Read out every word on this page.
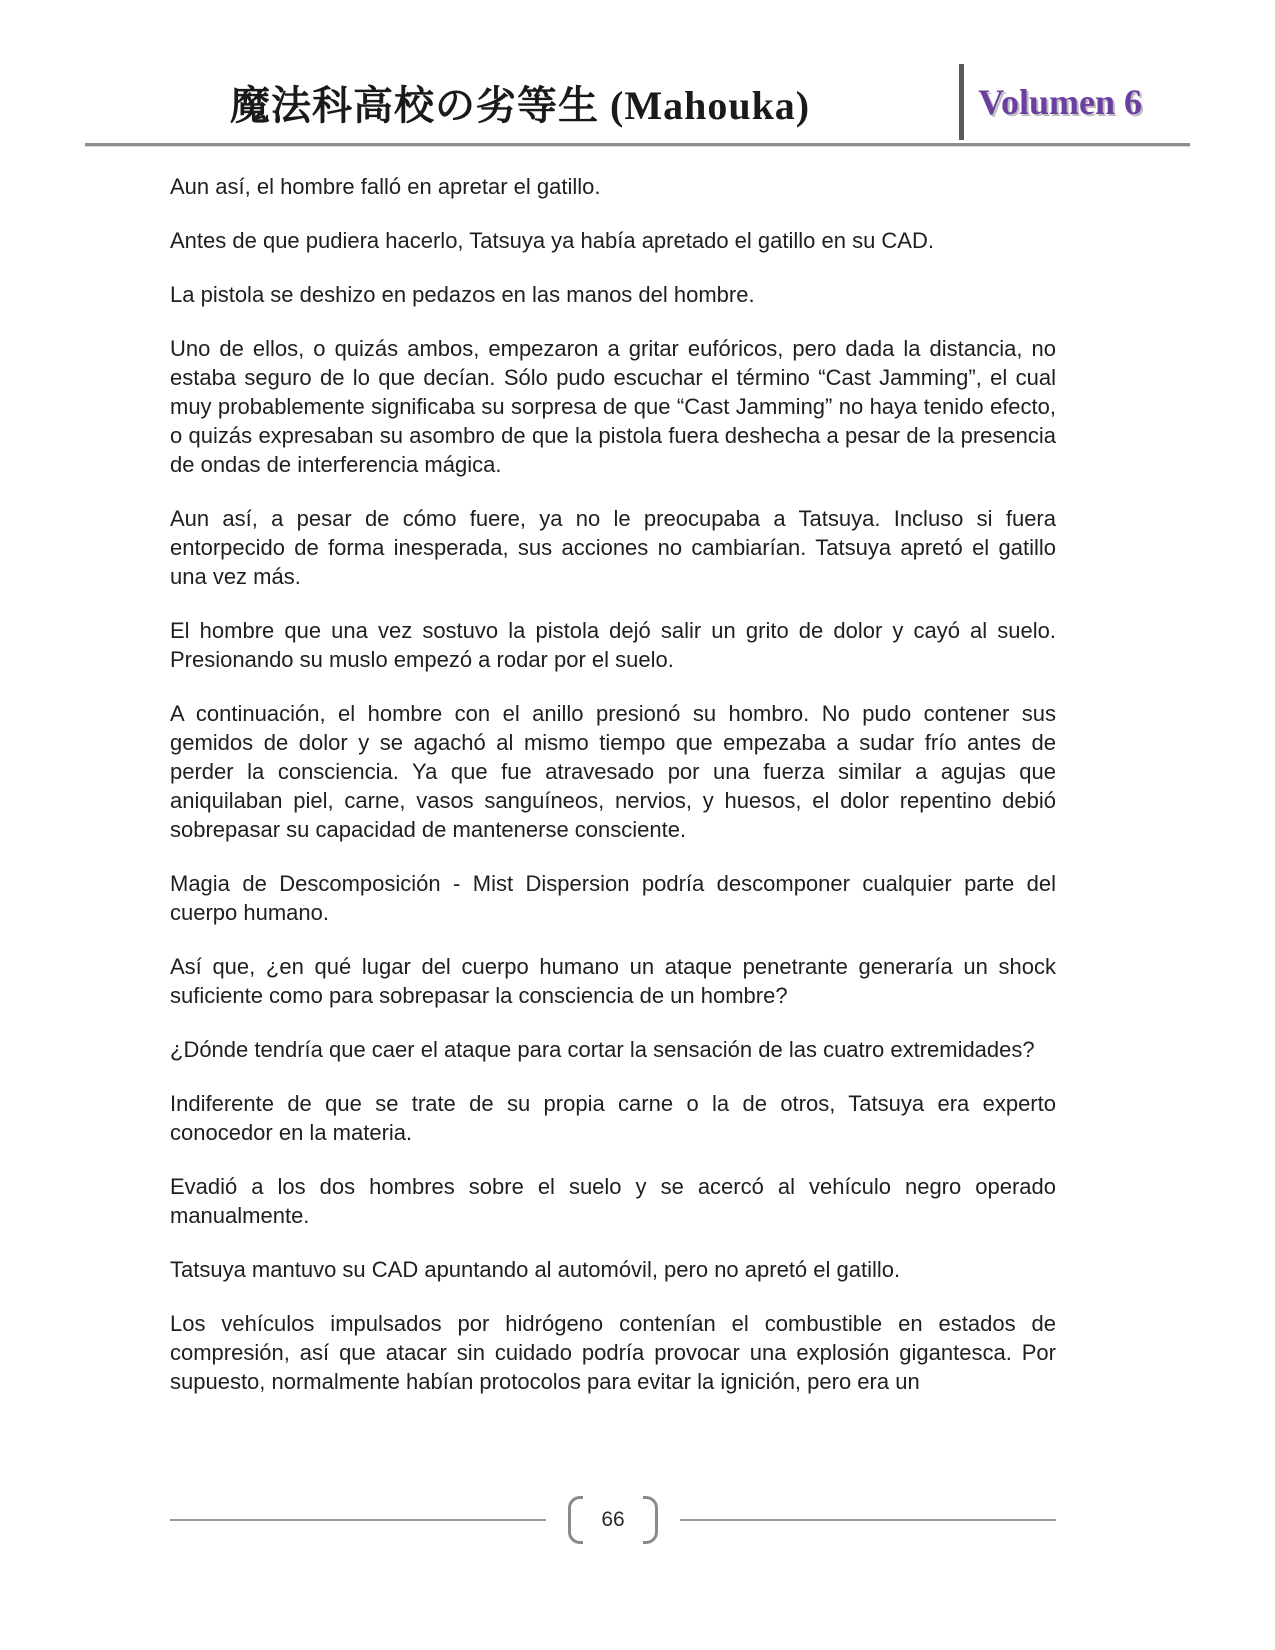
魔法科高校の劣等生 (Mahouka)	Volumen 6

Aun así, el hombre falló en apretar el gatillo.

Antes de que pudiera hacerlo, Tatsuya ya había apretado el gatillo en su CAD.

La pistola se deshizo en pedazos en las manos del hombre.

Uno de ellos, o quizás ambos, empezaron a gritar eufóricos, pero dada la distancia, no estaba seguro de lo que decían. Sólo pudo escuchar el término “Cast Jamming”, el cual muy probablemente significaba su sorpresa de que “Cast Jamming” no haya tenido efecto, o quizás expresaban su asombro de que la pistola fuera deshecha a pesar de la presencia de ondas de interferencia mágica.

Aun así, a pesar de cómo fuere, ya no le preocupaba a Tatsuya. Incluso si fuera entorpecido de forma inesperada, sus acciones no cambiarían. Tatsuya apretó el gatillo una vez más.

El hombre que una vez sostuvo la pistola dejó salir un grito de dolor y cayó al suelo. Presionando su muslo empezó a rodar por el suelo.

A continuación, el hombre con el anillo presionó su hombro. No pudo contener sus gemidos de dolor y se agachó al mismo tiempo que empezaba a sudar frío antes de perder la consciencia. Ya que fue atravesado por una fuerza similar a agujas que aniquilaban piel, carne, vasos sanguíneos, nervios, y huesos, el dolor repentino debió sobrepasar su capacidad de mantenerse consciente.

Magia de Descomposición - Mist Dispersion podría descomponer cualquier parte del cuerpo humano.

Así que, ¿en qué lugar del cuerpo humano un ataque penetrante generaría un shock suficiente como para sobrepasar la consciencia de un hombre?

¿Dónde tendría que caer el ataque para cortar la sensación de las cuatro extremidades?

Indiferente de que se trate de su propia carne o la de otros, Tatsuya era experto conocedor en la materia.

Evadió a los dos hombres sobre el suelo y se acercó al vehículo negro operado manualmente.

Tatsuya mantuvo su CAD apuntando al automóvil, pero no apretó el gatillo.

Los vehículos impulsados por hidrógeno contenían el combustible en estados de compresión, así que atacar sin cuidado podría provocar una explosión gigantesca. Por supuesto, normalmente habían protocolos para evitar la ignición, pero era un

66
